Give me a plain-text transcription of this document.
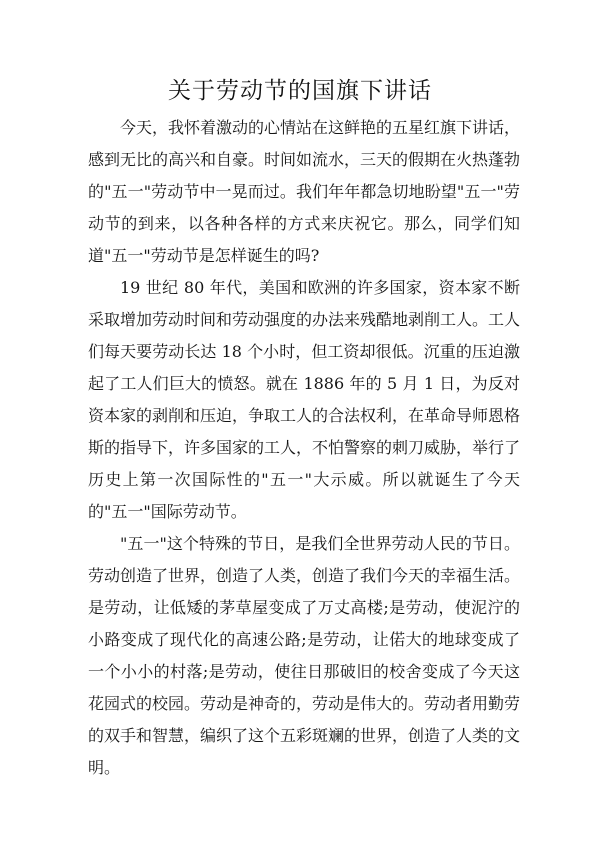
关于劳动节的国旗下讲话

今天，我怀着激动的心情站在这鲜艳的五星红旗下讲话，感到无比的高兴和自豪。时间如流水，三天的假期在火热蓬勃的"五一"劳动节中一晃而过。我们年年都急切地盼望"五一"劳动节的到来，以各种各样的方式来庆祝它。那么，同学们知道"五一"劳动节是怎样诞生的吗?

19 世纪 80 年代，美国和欧洲的许多国家，资本家不断采取增加劳动时间和劳动强度的办法来残酷地剥削工人。工人们每天要劳动长达 18 个小时，但工资却很低。沉重的压迫激起了工人们巨大的愤怒。就在 1886 年的 5 月 1 日，为反对资本家的剥削和压迫，争取工人的合法权利，在革命导师恩格斯的指导下，许多国家的工人，不怕警察的刺刀威胁，举行了历史上第一次国际性的"五一"大示威。所以就诞生了今天的"五一"国际劳动节。

"五一"这个特殊的节日，是我们全世界劳动人民的节日。劳动创造了世界，创造了人类，创造了我们今天的幸福生活。是劳动，让低矮的茅草屋变成了万丈高楼;是劳动，使泥泞的小路变成了现代化的高速公路;是劳动，让偌大的地球变成了一个小小的村落;是劳动，使往日那破旧的校舍变成了今天这花园式的校园。劳动是神奇的，劳动是伟大的。劳动者用勤劳的双手和智慧，编织了这个五彩斑斓的世界，创造了人类的文明。
